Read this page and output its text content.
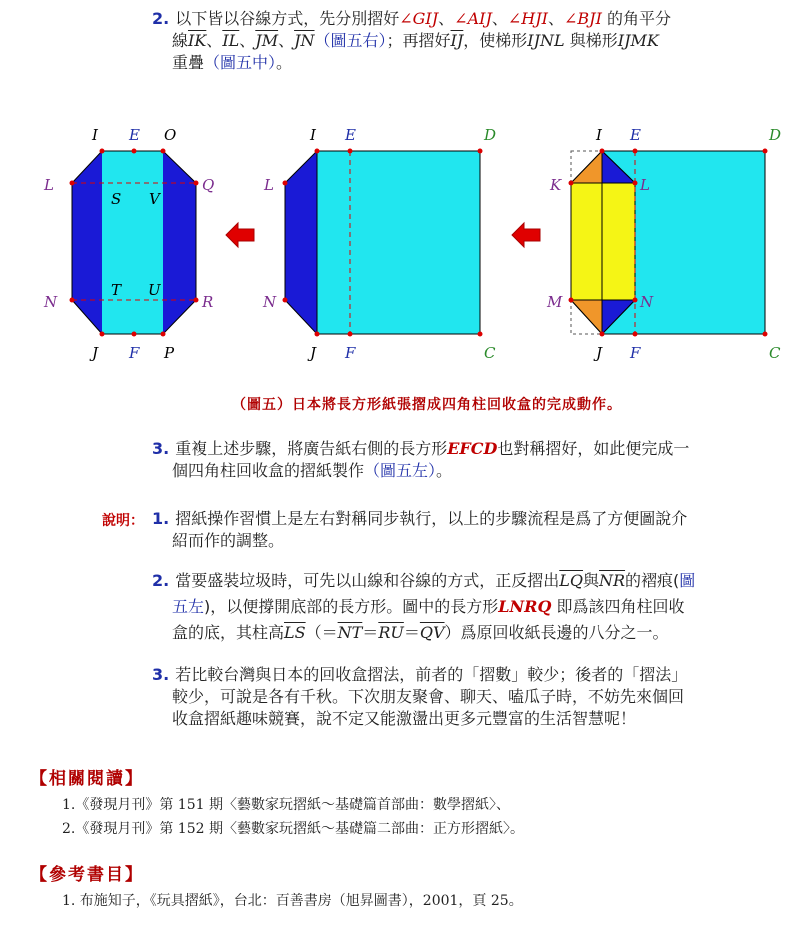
2. 以下皆以谷線方式，先分別摺好∠GIJ、∠AIJ、∠HJI、∠BJI 的角平分
線$\overline{IK}$、$\overline{IL}$、$\overline{JM}$、$\overline{JN}$（圖五右）；再摺好$\overline{IJ}$，使梯形IJNL 與梯形IJMK
重疊（圖五中）。
I E O
L	Q
S V
T U
N	R
J F P
I E	D
L
N
J F	C
I E	D
K	L
M	N
J F	C
（圖五）日本將長方形紙張摺成四角柱回收盒的完成動作。
3. 重複上述步驟，將廣告紙右側的長方形EFCD也對稱摺好，如此便完成一
個四角柱回收盒的摺紙製作（圖五左）。
說明： 1. 摺紙操作習慣上是左右對稱同步執行，以上的步驟流程是爲了方便圖說介
紹而作的調整。
2. 當要盛裝垃圾時，可先以山線和谷線的方式，正反摺出$\overline{LQ}$與$\overline{NR}$的褶痕(圖
五左)，以便撐開底部的長方形。圖中的長方形LNRQ 即爲該四角柱回收
盒的底，其柱高$\overline{LS}(=\overline{NT}=\overline{RU}=\overline{QV})$爲原回收紙長邊的八分之一。
3. 若比較台灣與日本的回收盒摺法，前者的「摺數」較少；後者的「摺法」
較少，可說是各有千秋。下次朋友聚會、聊天、嗑瓜子時，不妨先來個回
收盒摺紙趣味競賽，說不定又能激盪出更多元豐富的生活智慧呢！
【相關閱讀】
1.《發現月刊》第 151 期〈藝數家玩摺紙～基礎篇首部曲：數學摺紙〉、
2.《發現月刊》第 152 期〈藝數家玩摺紙～基礎篇二部曲：正方形摺紙〉。
【參考書目】
1. 布施知子，《玩具摺紙》，台北：百善書房（旭昇圖書），2001，頁 25。
